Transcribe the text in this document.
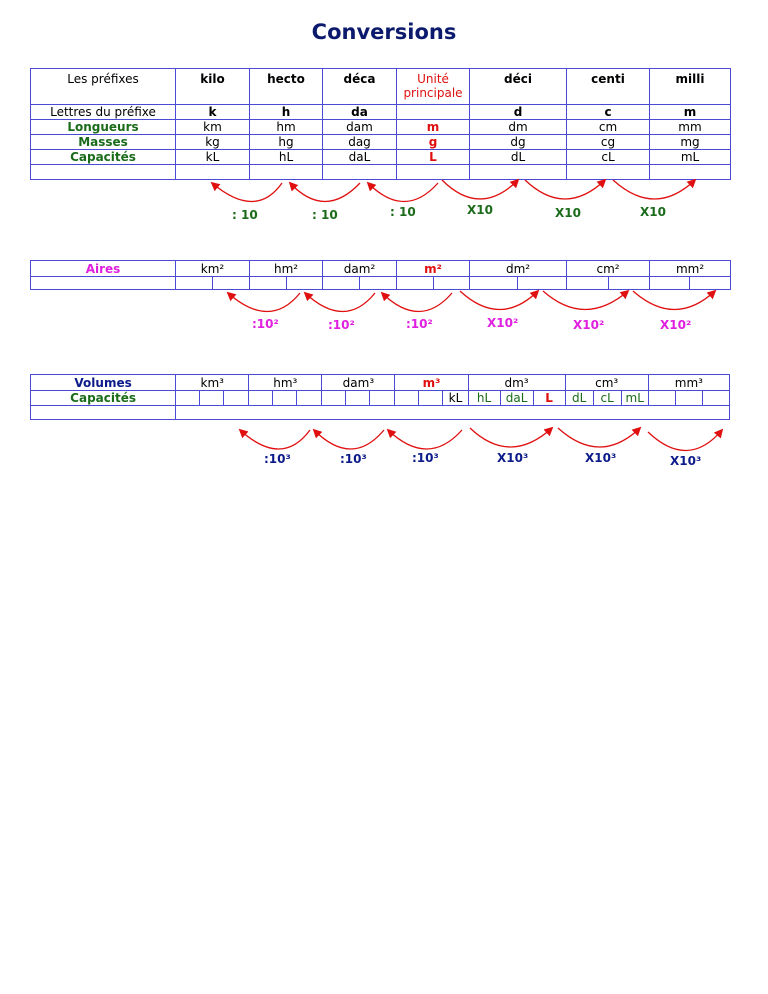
Conversions
Les préfixes	kilo	hecto	déca	Unité principale	déci	centi	milli
Lettres du préfixe	k	h	da		d	c	m
Longueurs	km	hm	dam	m	dm	cm	mm
Masses	kg	hg	dag	g	dg	cg	mg
Capacités	kL	hL	daL	L	dL	cL	mL

Aires	km²		hm²		dam²		m²		dm²		cm²		mm²	

Volumes	km³			hm³			dam³			m³			dm³			cm³			mm³		
Capacités												kL	hL	daL	L	dL	cL	mL			

: 10	: 10	: 10	X10	X10	X10
:10²	:10²	:10²	X10²	X10²	X10²
:10³	:10³	:10³	X10³	X10³	X10³
